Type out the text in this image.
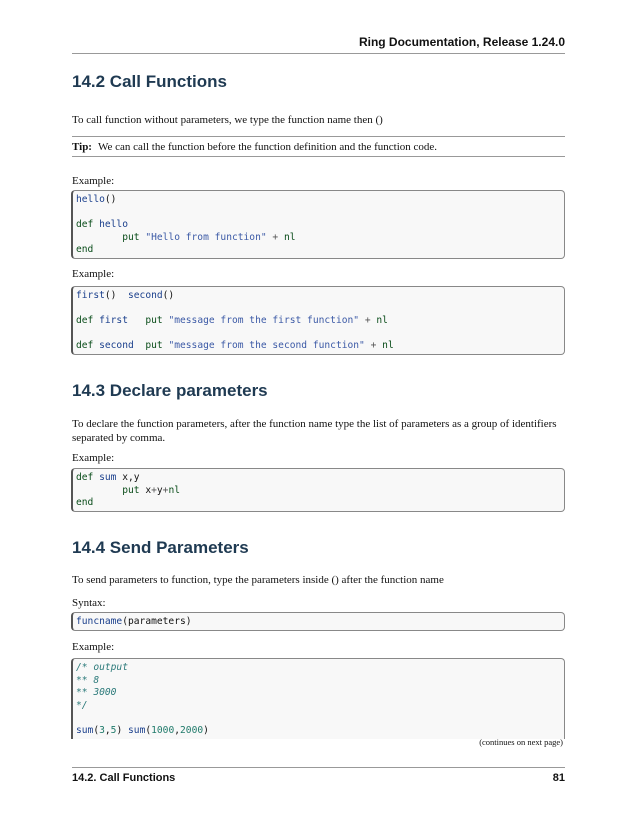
Ring Documentation, Release 1.24.0
14.2 Call Functions

To call function without parameters, we type the function name then ()

Tip: We can call the function before the function definition and the function code.

Example:

hello()

def hello
put "Hello from function" + nl
end

Example:

first()  second()

def first put "message from the first function" + nl

def second put "message from the second function" + nl
14.3 Declare parameters

To declare the function parameters, after the function name type the list of parameters as a group of identifiers separated by comma.

Example:

def sum x,y
put x+y+nl
end
14.4 Send Parameters

To send parameters to function, type the parameters inside () after the function name

Syntax:

funcname(parameters)

Example:

/* output
** 8
** 3000
*/

sum(3,5) sum(1000,2000)
(continues on next page)
14.2. Call Functions	81
